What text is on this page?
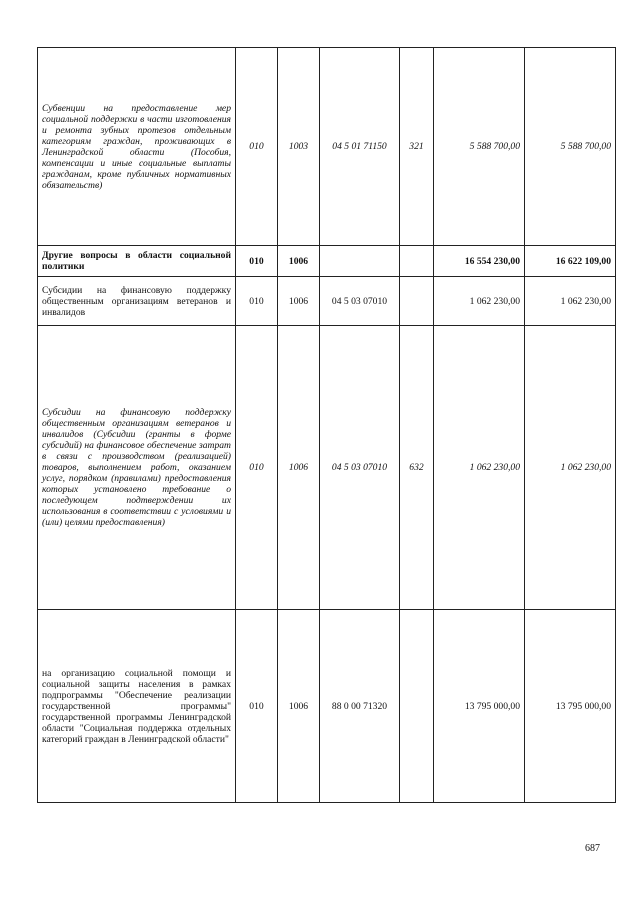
Субвенции на предоставление мер социальной поддержки в части изготовления и ремонта зубных протезов отдельным категориям граждан, проживающих в Ленинградской области (Пособия, компенсации и иные социальные выплаты гражданам, кроме публичных нормативных обязательств)	010	1003	04 5 01 71150	321	5 588 700,00	5 588 700,00
Другие вопросы в области социальной политики	010	1006			16 554 230,00	16 622 109,00
Субсидии на финансовую поддержку общественным организациям ветеранов и инвалидов	010	1006	04 5 03 07010		1 062 230,00	1 062 230,00
Субсидии на финансовую поддержку общественным организациям ветеранов и инвалидов (Субсидии (гранты в форме субсидий) на финансовое обеспечение затрат в связи с производством (реализацией) товаров, выполнением работ, оказанием услуг, порядком (правилами) предоставления которых установлено требование о последующем подтверждении их использования в соответствии с условиями и (или) целями предоставления)	010	1006	04 5 03 07010	632	1 062 230,00	1 062 230,00
на организацию социальной помощи и социальной защиты населения в рамках подпрограммы "Обеспечение реализации государственной программы" государственной программы Ленинградской области "Социальная поддержка отдельных категорий граждан в Ленинградской области"	010	1006	88 0 00 71320		13 795 000,00	13 795 000,00
687
